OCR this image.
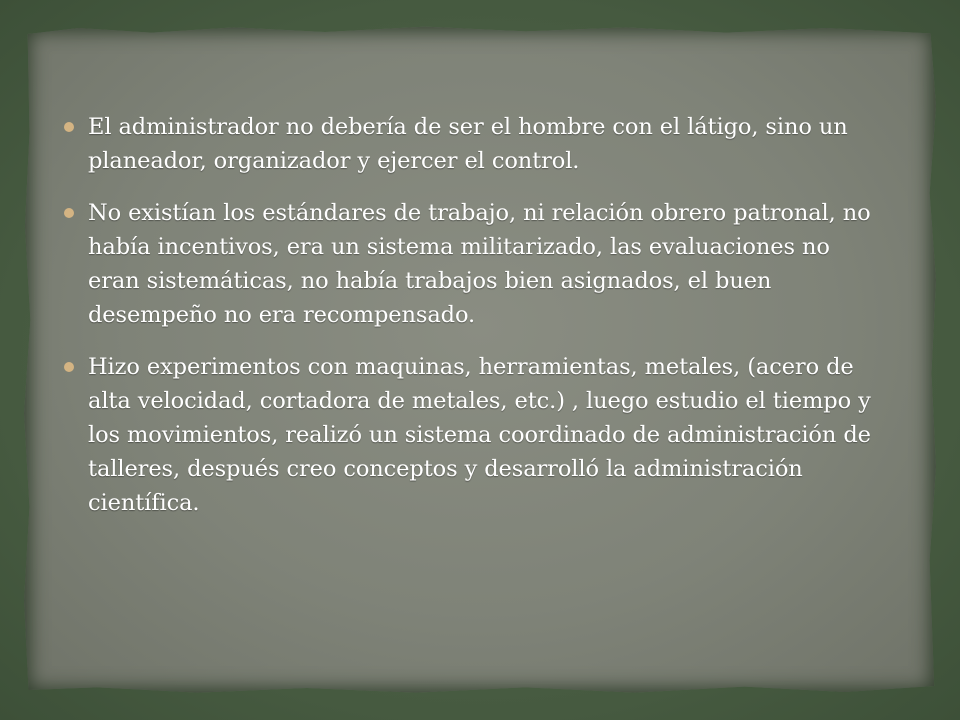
El administrador no debería de ser el hombre con el látigo, sino un planeador, organizador y ejercer el control.
No existían los estándares de trabajo, ni relación obrero patronal, no había incentivos, era un sistema militarizado, las evaluaciones no eran sistemáticas, no había trabajos bien asignados, el buen desempeño no era recompensado.
Hizo experimentos con maquinas, herramientas, metales, (acero de alta velocidad, cortadora de metales, etc.) , luego estudio el tiempo y los movimientos, realizó un sistema coordinado de administración de talleres, después creo conceptos y desarrolló la administración científica.
